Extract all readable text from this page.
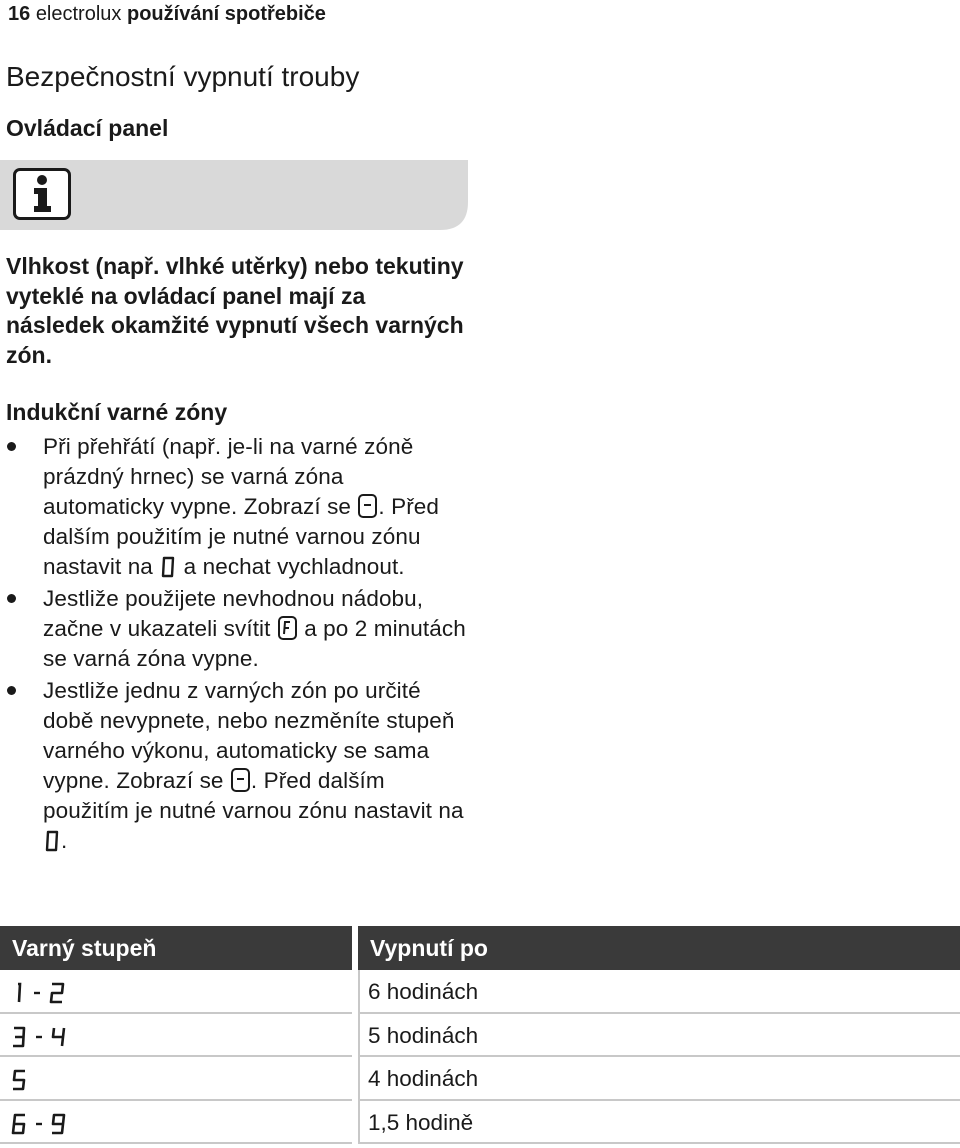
16 electrolux používání spotřebiče
Bezpečnostní vypnutí trouby
Ovládací panel
Vlhkost (např. vlhké utěrky) nebo tekutiny vyteklé na ovládací panel mají za následek okamžité vypnutí všech varných zón.
Indukční varné zóny
Při přehřátí (např. je-li na varné zóně prázdný hrnec) se varná zóna automaticky vypne. Zobrazí se . Před dalším použitím je nutné varnou zónu nastavit na a nechat vychladnout.
Jestliže použijete nevhodnou nádobu, začne v ukazateli svítit a po 2 minutách se varná zóna vypne.
Jestliže jednu z varných zón po určité době nevypnete, nebo nezměníte stupeň varného výkonu, automaticky se sama vypne. Zobrazí se . Před dalším použitím je nutné varnou zónu nastavit na .
Varný stupeň	Vypnutí po
6 hodinách
5 hodinách
4 hodinách
1,5 hodině
